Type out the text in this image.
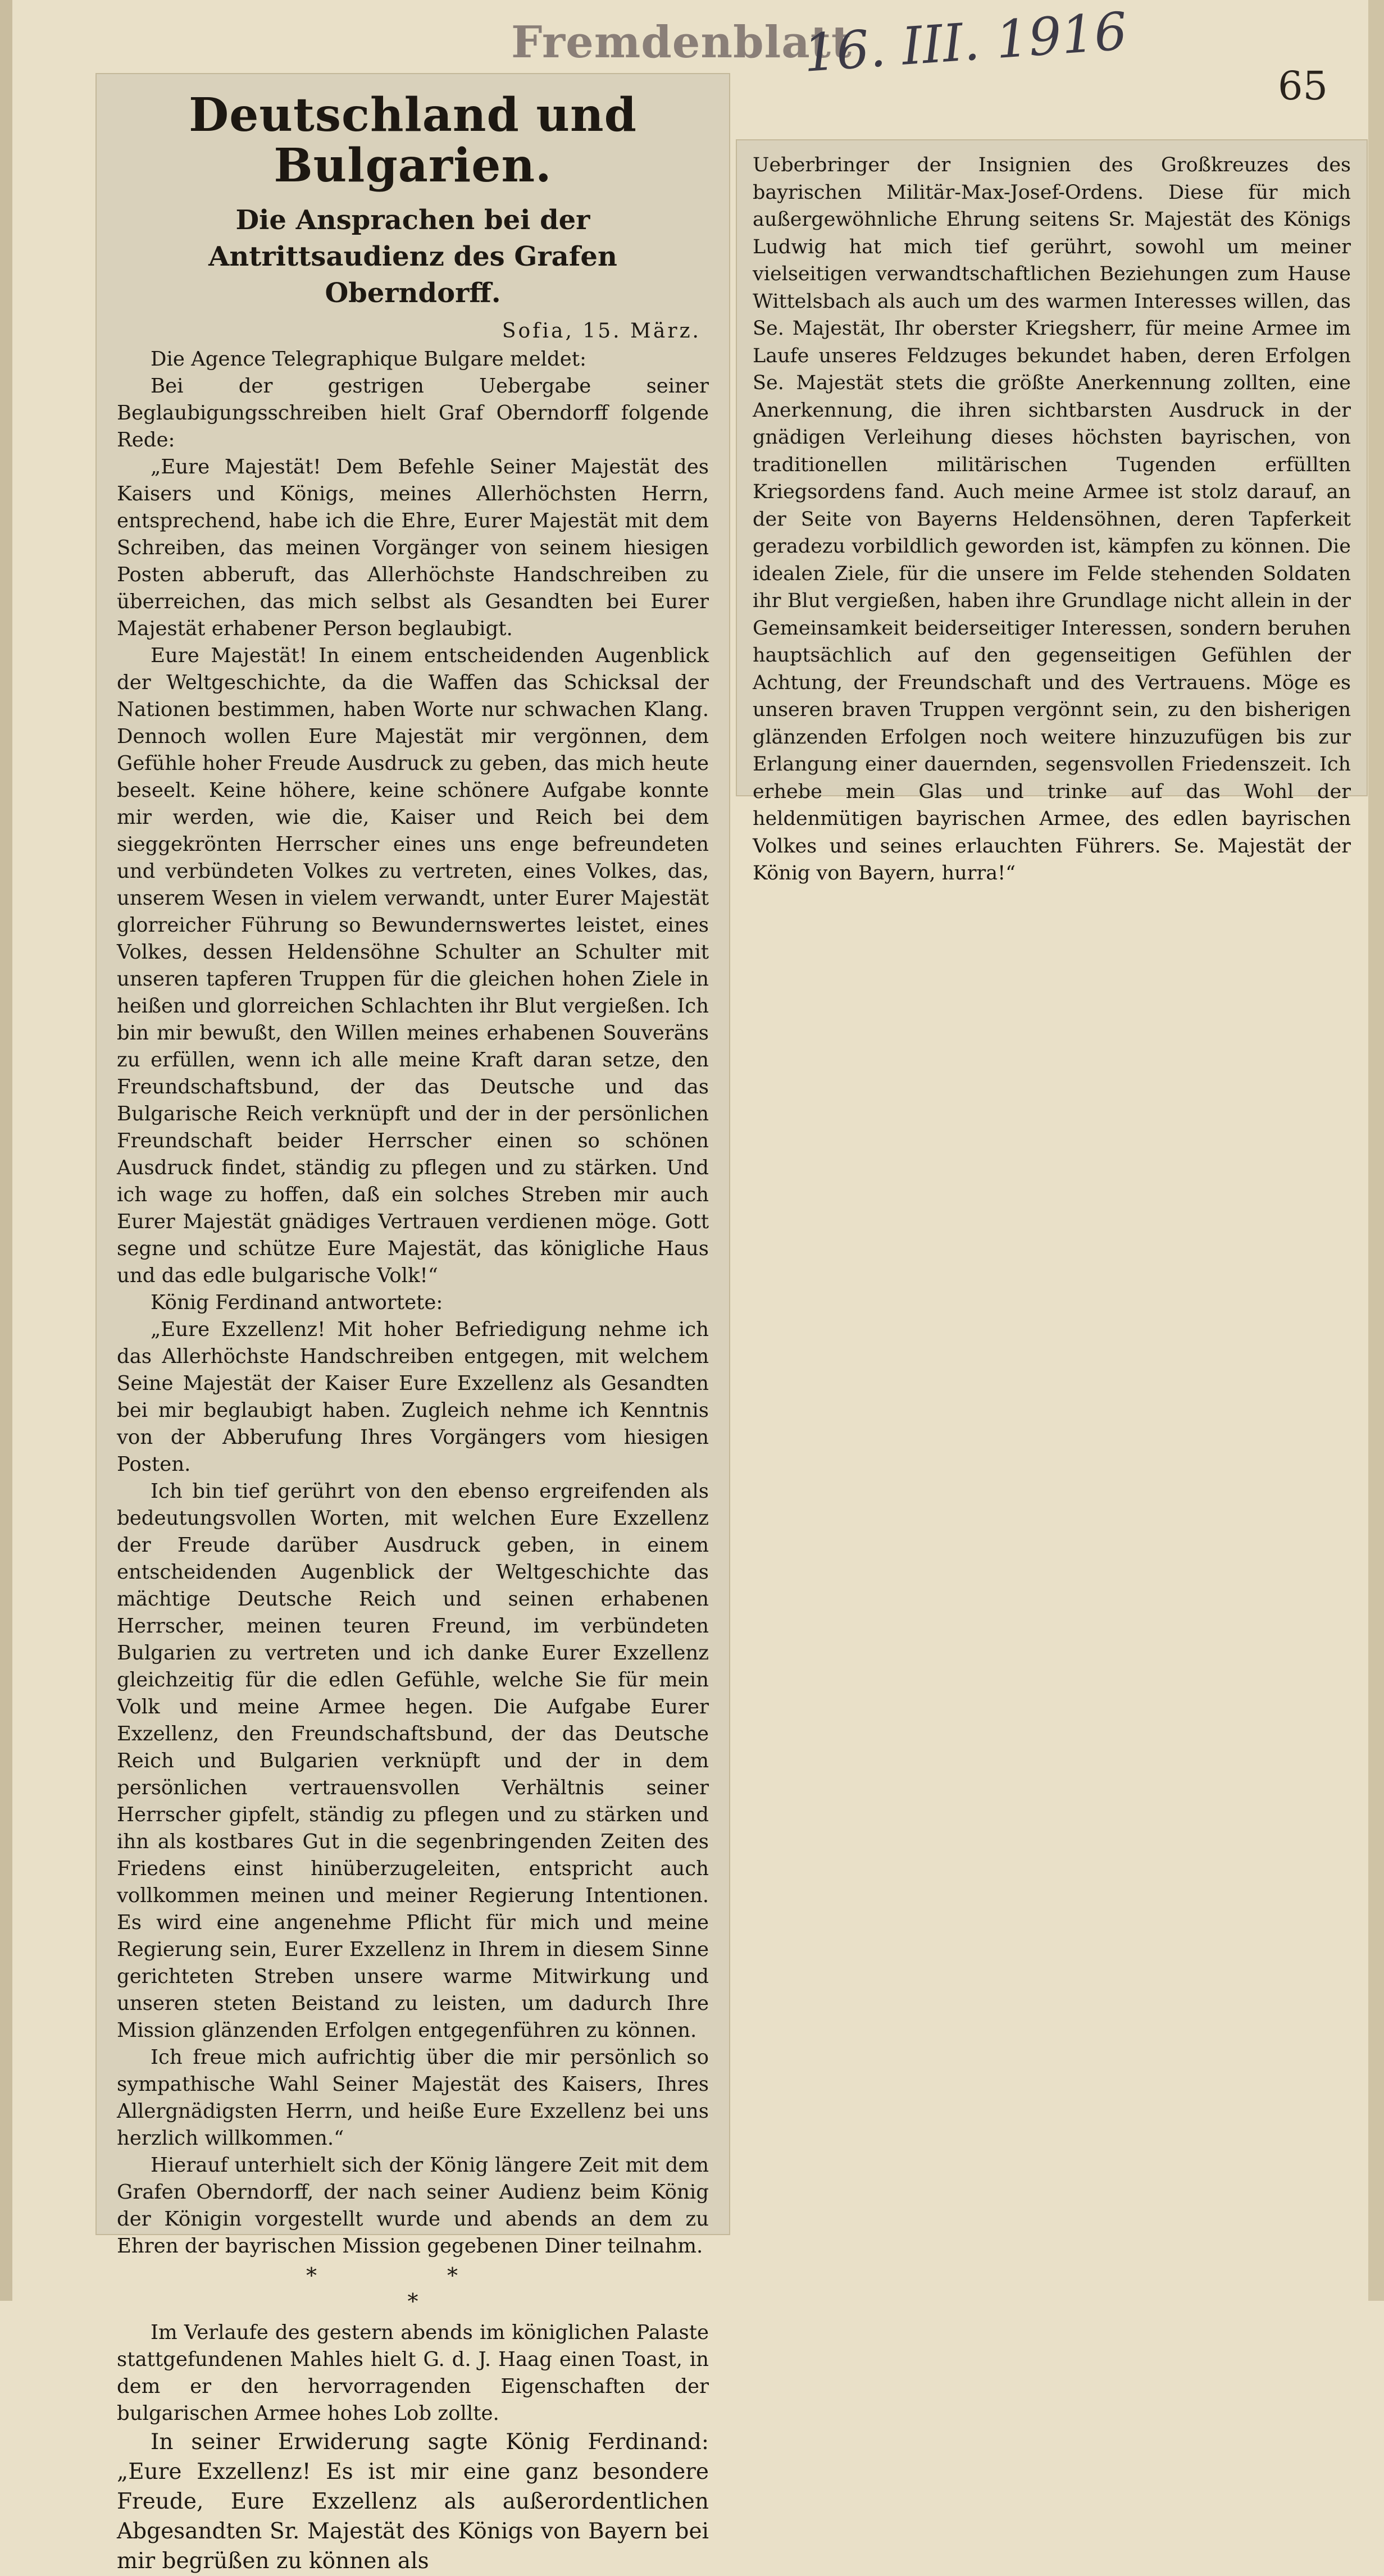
Fremdenblatt
16. III. 1916
65
Deutschland und Bulgarien.
Die Ansprachen bei der Antrittsaudienz des Grafen Oberndorff.
Sofia, 15. März.

Die Agence Telegraphique Bulgare meldet:

Bei der gestrigen Uebergabe seiner Beglaubigungsschreiben hielt Graf Oberndorff folgende Rede:

„Eure Majestät! Dem Befehle Seiner Majestät des Kaisers und Königs, meines Allerhöchsten Herrn, entsprechend, habe ich die Ehre, Eurer Majestät mit dem Schreiben, das meinen Vorgänger von seinem hiesigen Posten abberuft, das Allerhöchste Handschreiben zu überreichen, das mich selbst als Gesandten bei Eurer Majestät erhabener Person beglaubigt.

Eure Majestät! In einem entscheidenden Augenblick der Weltgeschichte, da die Waffen das Schicksal der Nationen bestimmen, haben Worte nur schwachen Klang. Dennoch wollen Eure Majestät mir vergönnen, dem Gefühle hoher Freude Ausdruck zu geben, das mich heute beseelt. Keine höhere, keine schönere Aufgabe konnte mir werden, wie die, Kaiser und Reich bei dem sieggekrönten Herrscher eines uns enge befreundeten und verbündeten Volkes zu vertreten, eines Volkes, das, unserem Wesen in vielem verwandt, unter Eurer Majestät glorreicher Führung so Bewundernswertes leistet, eines Volkes, dessen Heldensöhne Schulter an Schulter mit unseren tapferen Truppen für die gleichen hohen Ziele in heißen und glorreichen Schlachten ihr Blut vergießen. Ich bin mir bewußt, den Willen meines erhabenen Souveräns zu erfüllen, wenn ich alle meine Kraft daran setze, den Freundschaftsbund, der das Deutsche und das Bulgarische Reich verknüpft und der in der persönlichen Freundschaft beider Herrscher einen so schönen Ausdruck findet, ständig zu pflegen und zu stärken. Und ich wage zu hoffen, daß ein solches Streben mir auch Eurer Majestät gnädiges Vertrauen verdienen möge. Gott segne und schütze Eure Majestät, das königliche Haus und das edle bulgarische Volk!“

König Ferdinand antwortete:

„Eure Exzellenz! Mit hoher Befriedigung nehme ich das Allerhöchste Handschreiben entgegen, mit welchem Seine Majestät der Kaiser Eure Exzellenz als Gesandten bei mir beglaubigt haben. Zugleich nehme ich Kenntnis von der Abberufung Ihres Vorgängers vom hiesigen Posten.

Ich bin tief gerührt von den ebenso ergreifenden als bedeutungsvollen Worten, mit welchen Eure Exzellenz der Freude darüber Ausdruck geben, in einem entscheidenden Augenblick der Weltgeschichte das mächtige Deutsche Reich und seinen erhabenen Herrscher, meinen teuren Freund, im verbündeten Bulgarien zu vertreten und ich danke Eurer Exzellenz gleichzeitig für die edlen Gefühle, welche Sie für mein Volk und meine Armee hegen. Die Aufgabe Eurer Exzellenz, den Freundschaftsbund, der das Deutsche Reich und Bulgarien verknüpft und der in dem persönlichen vertrauensvollen Verhältnis seiner Herrscher gipfelt, ständig zu pflegen und zu stärken und ihn als kostbares Gut in die segenbringenden Zeiten des Friedens einst hinüberzugeleiten, entspricht auch vollkommen meinen und meiner Regierung Intentionen. Es wird eine angenehme Pflicht für mich und meine Regierung sein, Eurer Exzellenz in Ihrem in diesem Sinne gerichteten Streben unsere warme Mitwirkung und unseren steten Beistand zu leisten, um dadurch Ihre Mission glänzenden Erfolgen entgegenführen zu können.

Ich freue mich aufrichtig über die mir persönlich so sympathische Wahl Seiner Majestät des Kaisers, Ihres Allergnädigsten Herrn, und heiße Eure Exzellenz bei uns herzlich willkommen.“

Hierauf unterhielt sich der König längere Zeit mit dem Grafen Oberndorff, der nach seiner Audienz beim König der Königin vorgestellt wurde und abends an dem zu Ehren der bayrischen Mission gegebenen Diner teilnahm.

* *
*

Im Verlaufe des gestern abends im königlichen Palaste stattgefundenen Mahles hielt G. d. J. Haag einen Toast, in dem er den hervorragenden Eigenschaften der bulgarischen Armee hohes Lob zollte.

In seiner Erwiderung sagte König Ferdinand: „Eure Exzellenz! Es ist mir eine ganz besondere Freude, Eure Exzellenz als außerordentlichen Abgesandten Sr. Majestät des Königs von Bayern bei mir begrüßen zu können als

Ueberbringer der Insignien des Großkreuzes des bayrischen Militär-Max-Josef-Ordens. Diese für mich außergewöhnliche Ehrung seitens Sr. Majestät des Königs Ludwig hat mich tief gerührt, sowohl um meiner vielseitigen verwandtschaftlichen Beziehungen zum Hause Wittelsbach als auch um des warmen Interesses willen, das Se. Majestät, Ihr oberster Kriegsherr, für meine Armee im Laufe unseres Feldzuges bekundet haben, deren Erfolgen Se. Majestät stets die größte Anerkennung zollten, eine Anerkennung, die ihren sichtbarsten Ausdruck in der gnädigen Verleihung dieses höchsten bayrischen, von traditionellen militärischen Tugenden erfüllten Kriegsordens fand. Auch meine Armee ist stolz darauf, an der Seite von Bayerns Heldensöhnen, deren Tapferkeit geradezu vorbildlich geworden ist, kämpfen zu können. Die idealen Ziele, für die unsere im Felde stehenden Soldaten ihr Blut vergießen, haben ihre Grundlage nicht allein in der Gemeinsamkeit beiderseitiger Interessen, sondern beruhen hauptsächlich auf den gegenseitigen Gefühlen der Achtung, der Freundschaft und des Vertrauens. Möge es unseren braven Truppen vergönnt sein, zu den bisherigen glänzenden Erfolgen noch weitere hinzuzufügen bis zur Erlangung einer dauernden, segensvollen Friedenszeit. Ich erhebe mein Glas und trinke auf das Wohl der heldenmütigen bayrischen Armee, des edlen bayrischen Volkes und seines erlauchten Führers. Se. Majestät der König von Bayern, hurra!“
